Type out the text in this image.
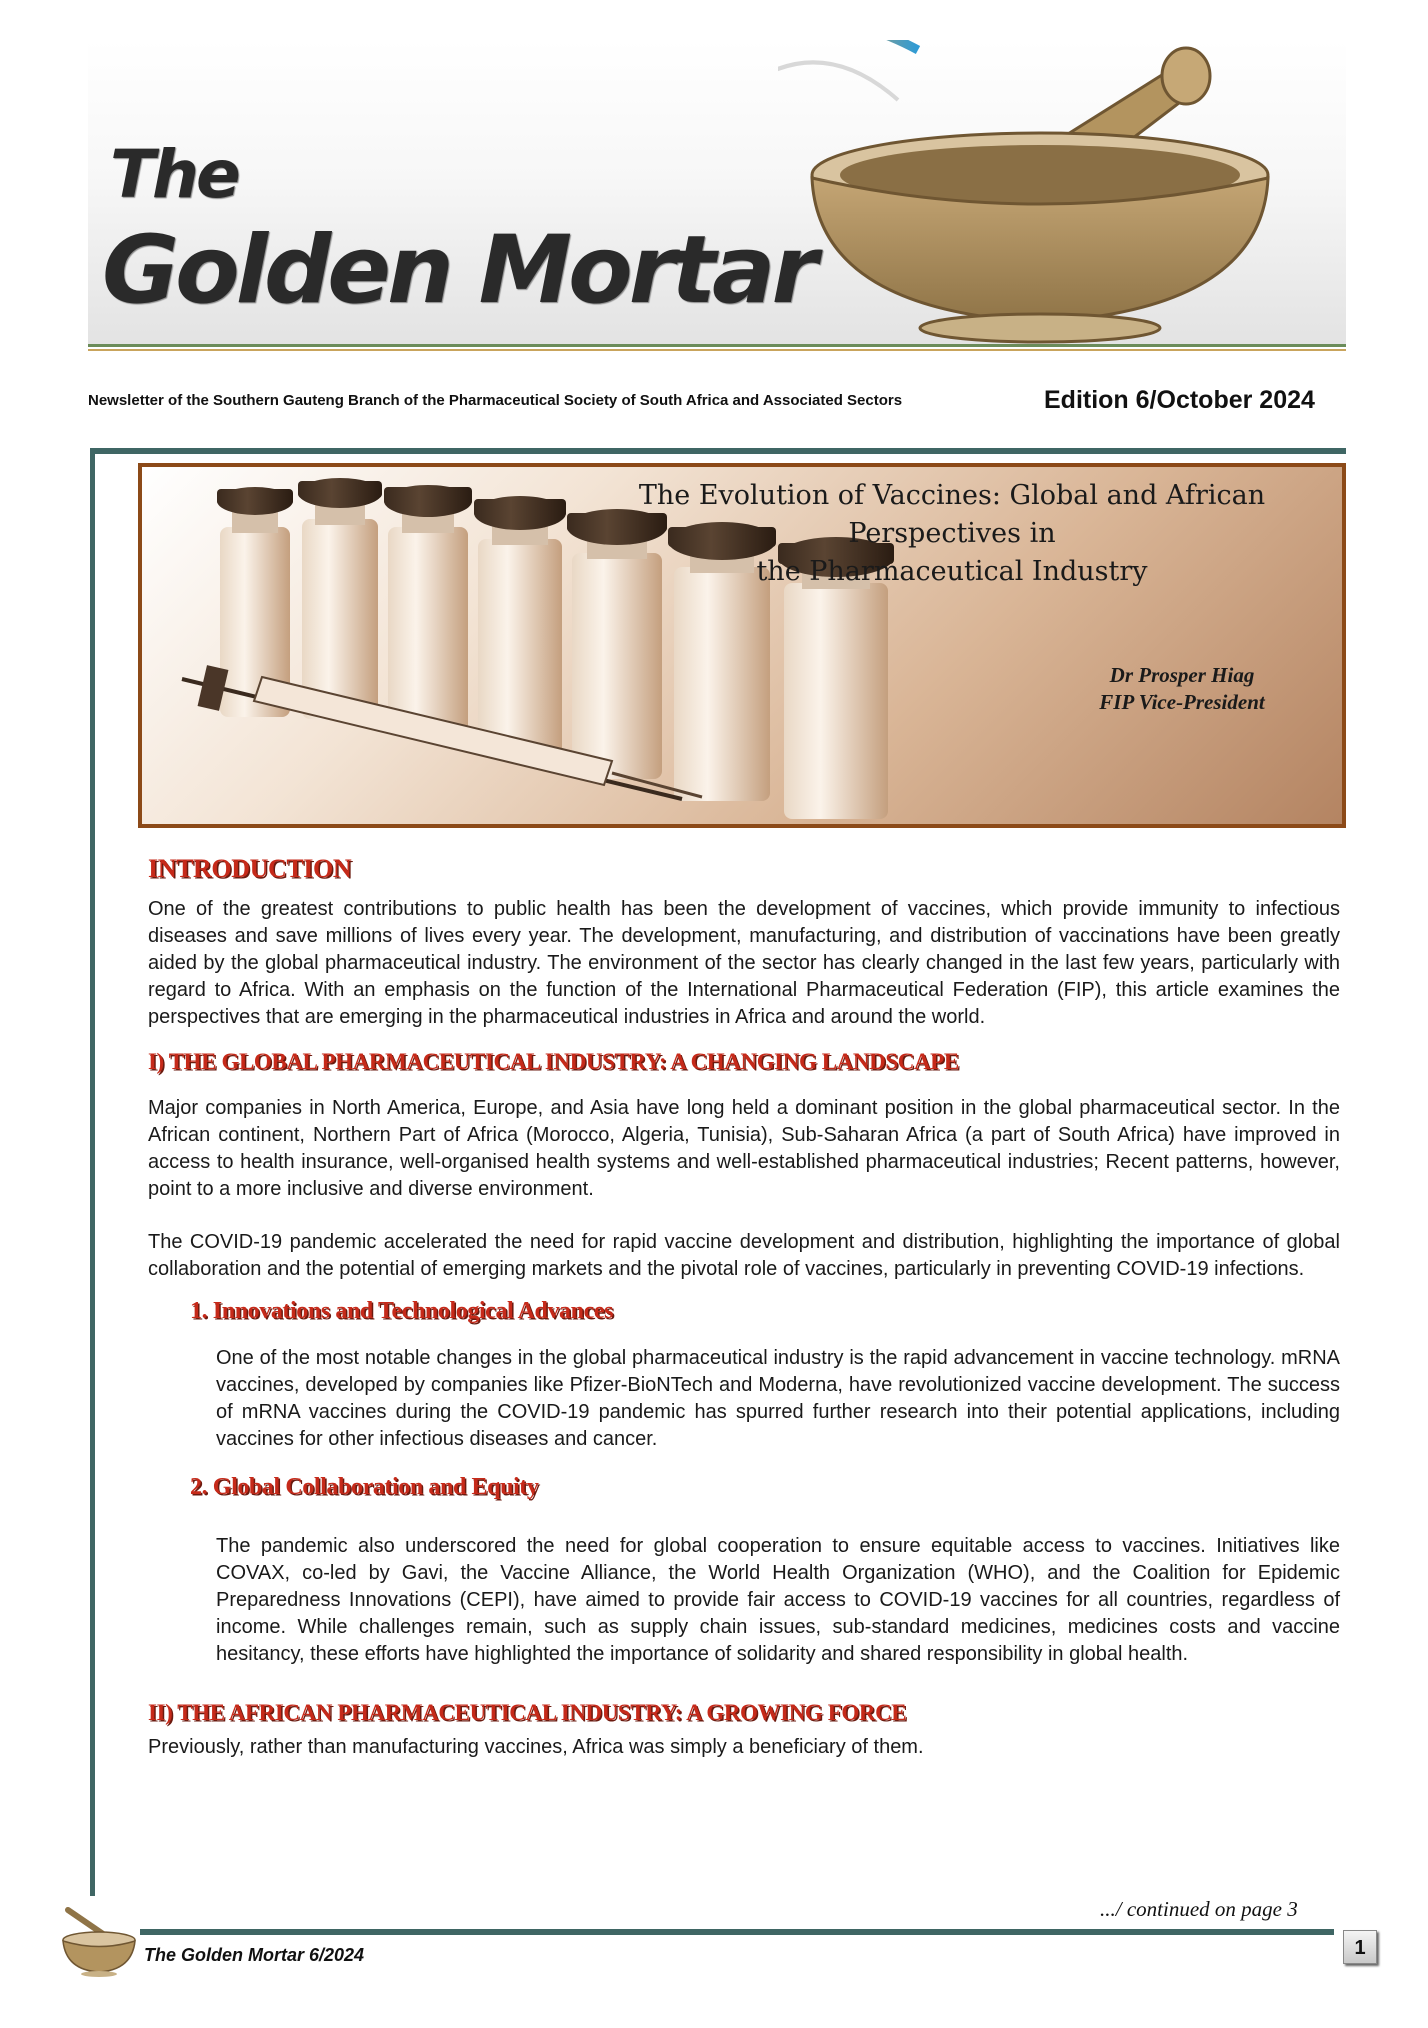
The
Golden Mortar
Newsletter of the Southern Gauteng Branch of the Pharmaceutical Society of South Africa and Associated Sectors	Edition 6/October 2024
The Evolution of Vaccines: Global and African Perspectives in
the Pharmaceutical Industry
Dr Prosper Hiag
FIP Vice-President
INTRODUCTION

One of the greatest contributions to public health has been the development of vaccines, which provide immunity to infectious diseases and save millions of lives every year. The development, manufacturing, and distribution of vaccinations have been greatly aided by the global pharmaceutical industry. The environment of the sector has clearly changed in the last few years, particularly with regard to Africa. With an emphasis on the function of the International Pharmaceutical Federation (FIP), this article examines the perspectives that are emerging in the pharmaceutical industries in Africa and around the world.

I) THE GLOBAL PHARMACEUTICAL INDUSTRY: A CHANGING LANDSCAPE

Major companies in North America, Europe, and Asia have long held a dominant position in the global pharmaceutical sector. In the African continent, Northern Part of Africa (Morocco, Algeria, Tunisia), Sub-Saharan Africa (a part of South Africa) have improved in access to health insurance, well-organised health systems and well-established pharmaceutical industries; Recent patterns, however, point to a more inclusive and diverse environment.

The COVID-19 pandemic accelerated the need for rapid vaccine development and distribution, highlighting the importance of global collaboration and the potential of emerging markets and the pivotal role of vaccines, particularly in preventing COVID-19 infections.

1. Innovations and Technological Advances

One of the most notable changes in the global pharmaceutical industry is the rapid advancement in vaccine technology. mRNA vaccines, developed by companies like Pfizer-BioNTech and Moderna, have revolutionized vaccine development. The success of mRNA vaccines during the COVID-19 pandemic has spurred further research into their potential applications, including vaccines for other infectious diseases and cancer.

2. Global Collaboration and Equity

The pandemic also underscored the need for global cooperation to ensure equitable access to vaccines. Initiatives like COVAX, co-led by Gavi, the Vaccine Alliance, the World Health Organization (WHO), and the Coalition for Epidemic Preparedness Innovations (CEPI), have aimed to provide fair access to COVID-19 vaccines for all countries, regardless of income. While challenges remain, such as supply chain issues, sub-standard medicines, medicines costs and vaccine hesitancy, these efforts have highlighted the importance of solidarity and shared responsibility in global health.

II) THE AFRICAN PHARMACEUTICAL INDUSTRY: A GROWING FORCE

Previously, rather than manufacturing vaccines, Africa was simply a beneficiary of them.

.../ continued on page 3
The Golden Mortar 6/2024	1
